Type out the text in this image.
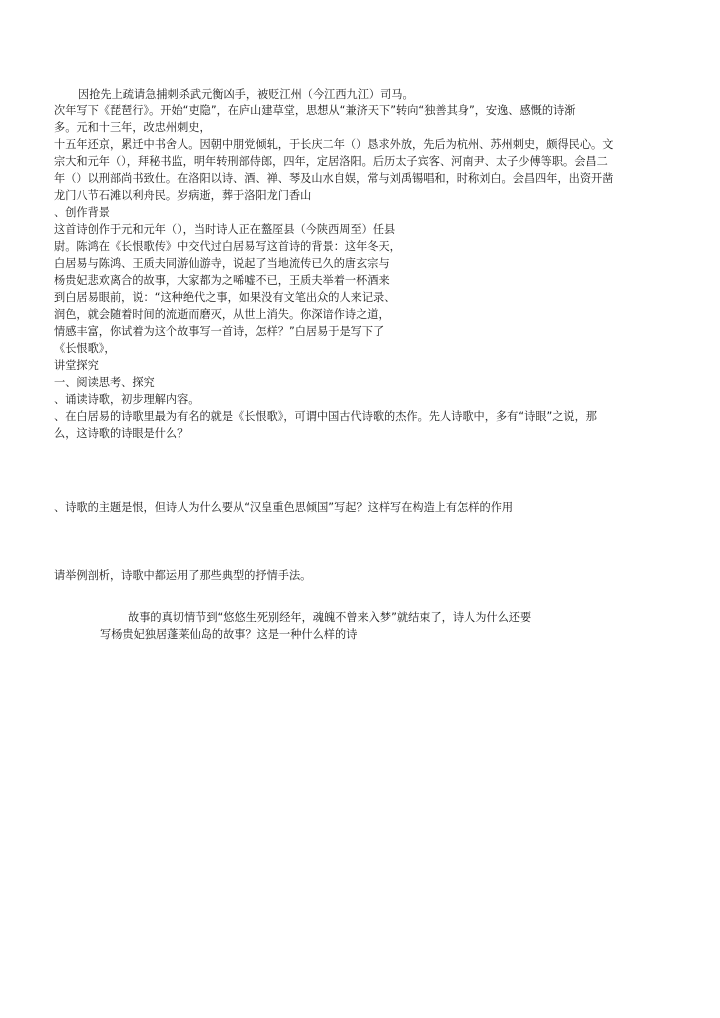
因抢先上疏请急捕刺杀武元衡凶手，被贬江州（今江西九江）司马。
次年写下《琵琶行》。开始“吏隐”，在庐山建草堂，思想从“兼济天下”转向“独善其身”，安逸、感慨的诗渐
多。元和十三年，改忠州刺史，
十五年还京，累迁中书舍人。因朝中朋党倾轧，于长庆二年（）恳求外放，先后为杭州、苏州刺史，颇得民心。文
宗大和元年（），拜秘书监，明年转刑部侍郎，四年，定居洛阳。后历太子宾客、河南尹、太子少傅等职。会昌二
年（）以刑部尚书致仕。在洛阳以诗、酒、禅、琴及山水自娱，常与刘禹锡唱和，时称刘白。会昌四年，出资开凿
龙门八节石滩以利舟民。岁病逝，葬于洛阳龙门香山
、创作背景
这首诗创作于元和元年（），当时诗人正在盩厔县（今陕西周至）任县
尉。陈鸿在《长恨歌传》中交代过白居易写这首诗的背景：这年冬天，
白居易与陈鸿、王质夫同游仙游寺，说起了当地流传已久的唐玄宗与
杨贵妃悲欢离合的故事，大家都为之唏嘘不已，王质夫举着一杯酒来
到白居易眼前，说：“这种绝代之事，如果没有文笔出众的人来记录、
润色，就会随着时间的流逝而磨灭，从世上消失。你深谙作诗之道，
情感丰富，你试着为这个故事写一首诗，怎样？”白居易于是写下了
《长恨歌》，
讲堂探究
一、阅读思考、探究
、诵读诗歌，初步理解内容。
、在白居易的诗歌里最为有名的就是《长恨歌》，可谓中国古代诗歌的杰作。先人诗歌中，多有“诗眼”之说，那
么，这诗歌的诗眼是什么？
、诗歌的主题是恨，但诗人为什么要从“汉皇重色思倾国”写起？这样写在构造上有怎样的作用
请举例剖析，诗歌中都运用了那些典型的抒情手法。
故事的真切情节到“悠悠生死别经年，魂魄不曾来入梦”就结束了，诗人为什么还要
写杨贵妃独居蓬莱仙岛的故事？这是一种什么样的诗
